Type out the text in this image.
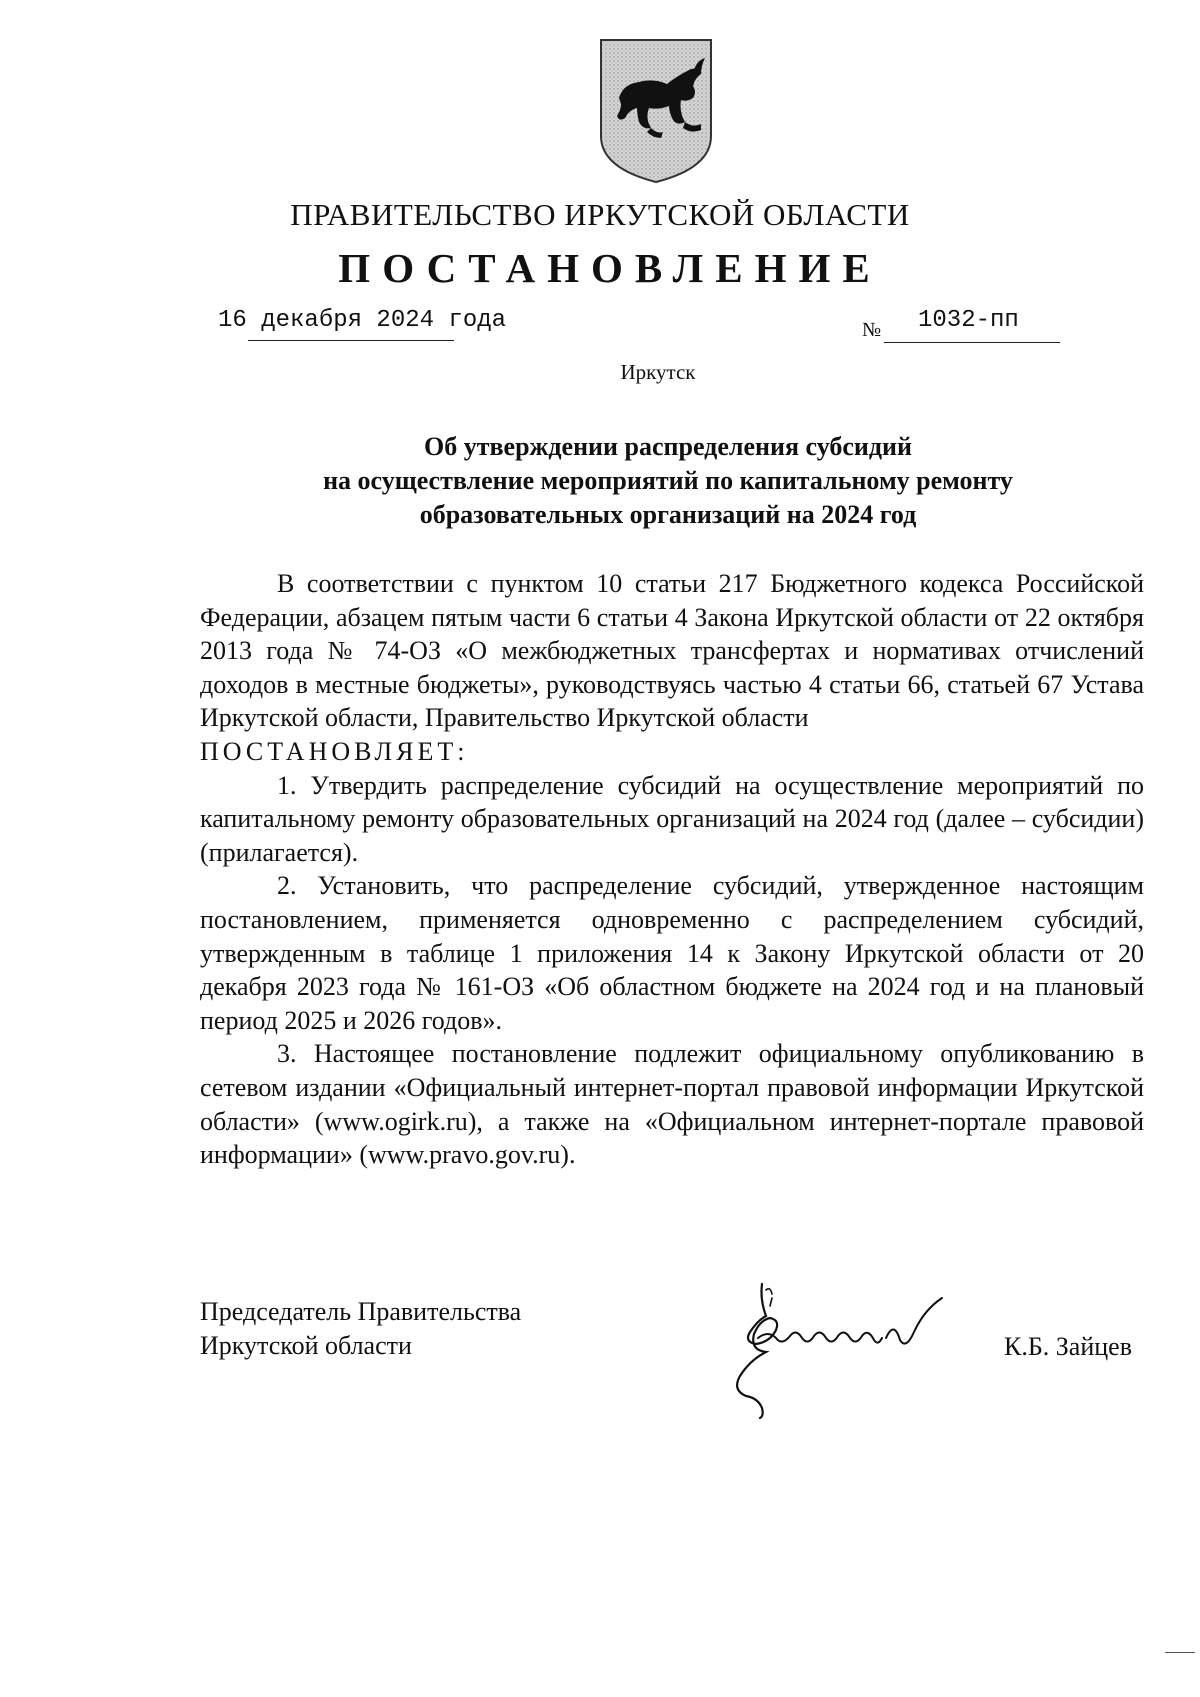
ПРАВИТЕЛЬСТВО ИРКУТСКОЙ ОБЛАСТИ
ПОСТАНОВЛЕНИЕ
16 декабря 2024 года	№ 1032-пп
Иркутск
Об утверждении распределения субсидий
на осуществление мероприятий по капитальному ремонту
образовательных организаций на 2024 год

В соответствии с пунктом 10 статьи 217 Бюджетного кодекса Российской Федерации, абзацем пятым части 6 статьи 4 Закона Иркутской области от 22 октября 2013 года № 74-ОЗ «О межбюджетных трансфертах и нормативах отчислений доходов в местные бюджеты», руководствуясь частью 4 статьи 66, статьей 67 Устава Иркутской области, Правительство Иркутской области

ПОСТАНОВЛЯЕТ:

1. Утвердить распределение субсидий на осуществление мероприятий по капитальному ремонту образовательных организаций на 2024 год (далее – субсидии) (прилагается).

2. Установить, что распределение субсидий, утвержденное настоящим постановлением, применяется одновременно с распределением субсидий, утвержденным в таблице 1 приложения 14 к Закону Иркутской области от 20 декабря 2023 года № 161-ОЗ «Об областном бюджете на 2024 год и на плановый период 2025 и 2026 годов».

3. Настоящее постановление подлежит официальному опубликованию в сетевом издании «Официальный интернет-портал правовой информации Иркутской области» (www.ogirk.ru), а также на «Официальном интернет-портале правовой информации» (www.pravo.gov.ru).

Председатель Правительства
Иркутской области	К.Б. Зайцев
